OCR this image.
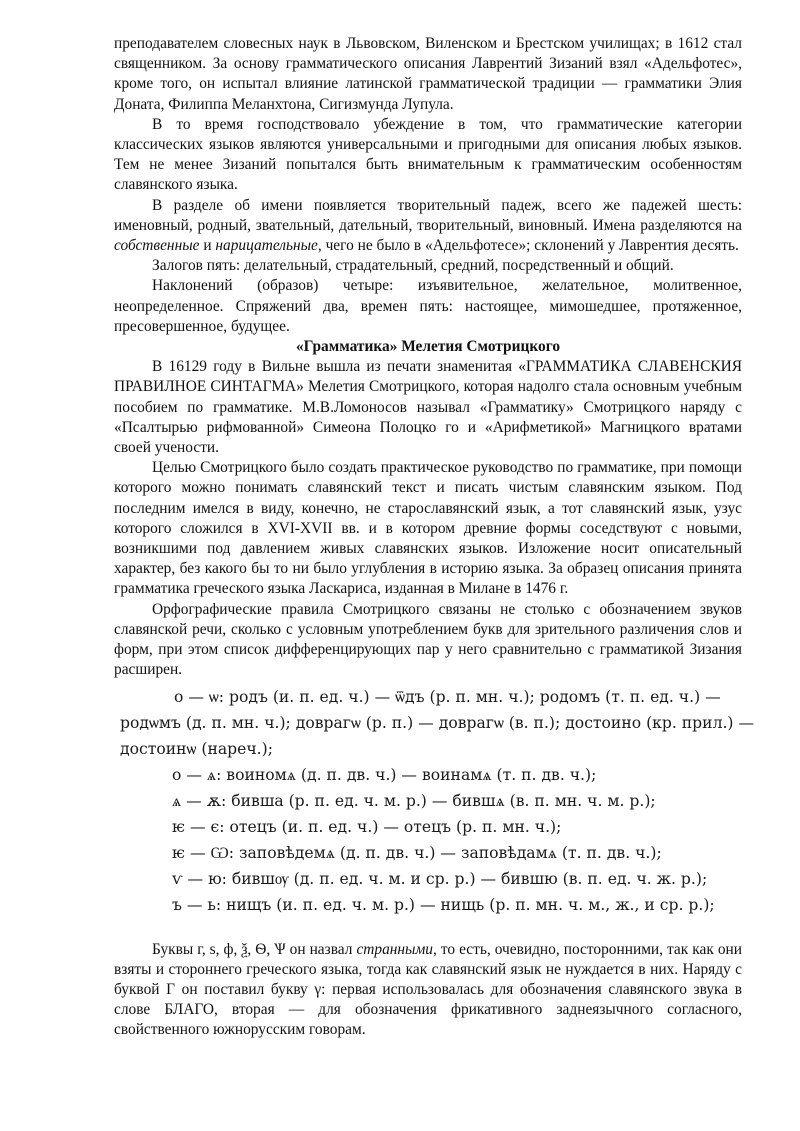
преподавателем словесных наук в Львовском, Виленском и Брестском училищах; в 1612 стал священником. За основу грамматического описания Лаврентий Зизаний взял «Адельфотес», кроме того, он испытал влияние латинской грамматической традиции — грамматики Элия Доната, Филиппа Меланхтона, Сигизмунда Лупула.

В то время господствовало убеждение в том, что грамматические категории классических языков являются универсальными и пригодными для описания любых языков. Тем не менее Зизаний попытался быть внимательным к грамматическим особенностям славянского языка.

В разделе об имени появляется творительный падеж, всего же падежей шесть: именовный, родный, звательный, дательный, творительный, виновный. Имена разделяются на собственные и нарицательные, чего не было в «Адельфотесе»; склонений у Лаврентия десять.

Залогов пять: делательный, страдательный, средний, посредственный и общий.

Наклонений (образов) четыре: изъявительное, желательное, молитвенное, неопределенное. Спряжений два, времен пять: настоящее, мимошедшее, протяженное, пресовершенное, будущее.

«Грамматика» Мелетия Смотрицкого

В 16129 году в Вильне вышла из печати знаменитая «ГРАММАТИКА СЛАВЕНСКИЯ ПРАВИЛНОЕ СИНТАГМА» Мелетия Смотрицкого, которая надолго стала основным учебным пособием по грамматике. М.В.Ломоносов называл «Грамматику» Смотрицкого наряду с «Псалтырью рифмованной» Симеона Полоцко го и «Арифметикой» Магницкого вратами своей учености.

Целью Смотрицкого было создать практическое руководство по грамматике, при помощи которого можно понимать славянский текст и писать чистым славянским языком. Под последним имелся в виду, конечно, не старославянский язык, а тот славянский язык, узус которого сложился в XVI-XVII вв. и в котором древние формы соседствуют с новыми, возникшими под давлением живых славянских языков. Изложение носит описательный характер, без какого бы то ни было углубления в историю языка. За образец описания принята грамматика греческого языка Ласкариса, изданная в Милане в 1476 г.

Орфографические правила Смотрицкого связаны не столько с обозначением звуков славянской речи, сколько с условным употреблением букв для зрительного различения слов и форм, при этом список дифференцирующих пар у него сравнительно с грамматикой Зизания расширен.

о — ѡ: родъ (и. п. ед. ч.) — ѿдъ (р. п. мн. ч.); родомъ (т. п. ед. ч.) —
родѡмъ (д. п. мн. ч.); доврагѡ (р. п.) — доврагѡ (в. п.); достоино (кр. прил.) —
достоинѡ (нареч.);
о — ѧ: воиномѧ (д. п. дв. ч.) — воинамѧ (т. п. дв. ч.);
ѧ — ѫ: бивша (р. п. ед. ч. м. р.) — бившѧ (в. п. мн. ч. м. р.);
ѥ — є: отецъ (и. п. ед. ч.) — отецъ (р. п. мн. ч.);
ѥ — Ѡ: заповѣдемѧ (д. п. дв. ч.) — заповѣдамѧ (т. п. дв. ч.);
ѵ — ю: бившѹ (д. п. ед. ч. м. и ср. р.) — бившю (в. п. ед. ч. ж. р.);
ъ — ь: нищъ (и. п. ед. ч. м. р.) — нищь (р. п. мн. ч. м., ж., и ср. р.);

Буквы г, ѕ, ф, ѯ, Ѳ, Ѱ он назвал странными, то есть, очевидно, посторонними, так как они взяты и стороннего греческого языка, тогда как славянский язык не нуждается в них. Наряду с буквой Г он поставил букву γ: первая использовалась для обозначения славянского звука в слове БЛАГО, вторая — для обозначения фрикативного заднеязычного согласного, свойственного южнорусским говорам.
